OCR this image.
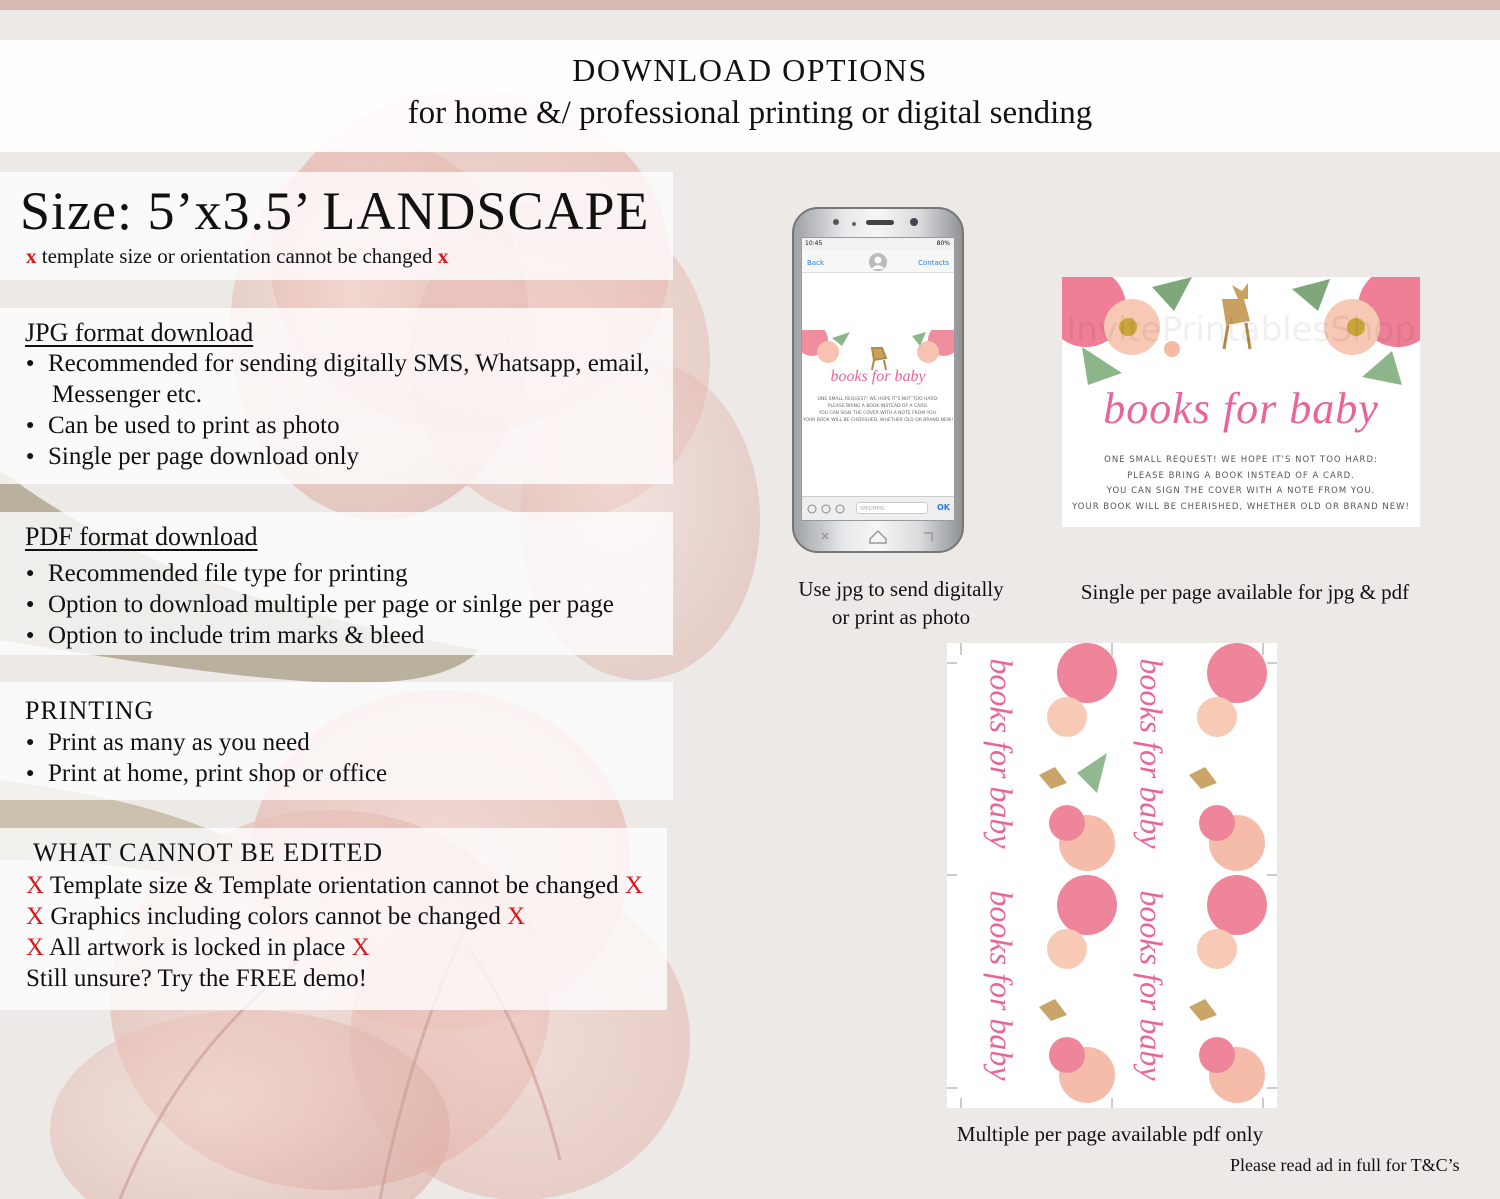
DOWNLOAD OPTIONS
for home &/ professional printing or digital sending
Size: 5’x3.5’ LANDSCAPE
x template size or orientation cannot be changed x
JPG format download
● Recommended for sending digitally SMS, Whatsapp, email,
Messenger etc.
● Can be used to print as photo
● Single per page download only
PDF format download
● Recommended file type for printing
● Option to download multiple per page or sinlge per page
● Option to include trim marks & bleed
PRINTING
● Print as many as you need
● Print at home, print shop or office
WHAT CANNOT BE EDITED
X Template size & Template orientation cannot be changed X
X Graphics including colors cannot be changed X
X All artwork is locked in place X
Still unsure? Try the FREE demo!
10:45	80%
Back	Contacts
books for baby
ONE SMALL REQUEST! WE HOPE IT'S NOT TOO HARD:
PLEASE BRING A BOOK INSTEAD OF A CARD.
YOU CAN SIGN THE COVER WITH A NOTE FROM YOU.
YOUR BOOK WILL BE CHERISHED, WHETHER OLD OR BRAND NEW!
SMS/MMS	OK
Use jpg to send digitally
or print as photo
InvitePrintablesShop
books for baby
ONE SMALL REQUEST! WE HOPE IT'S NOT TOO HARD:
PLEASE BRING A BOOK INSTEAD OF A CARD.
YOU CAN SIGN THE COVER WITH A NOTE FROM YOU.
YOUR BOOK WILL BE CHERISHED, WHETHER OLD OR BRAND NEW!
Single per page available for jpg & pdf
books for baby	books for baby
books for baby	books for baby
Multiple per page available pdf only
Please read ad in full for T&C’s
